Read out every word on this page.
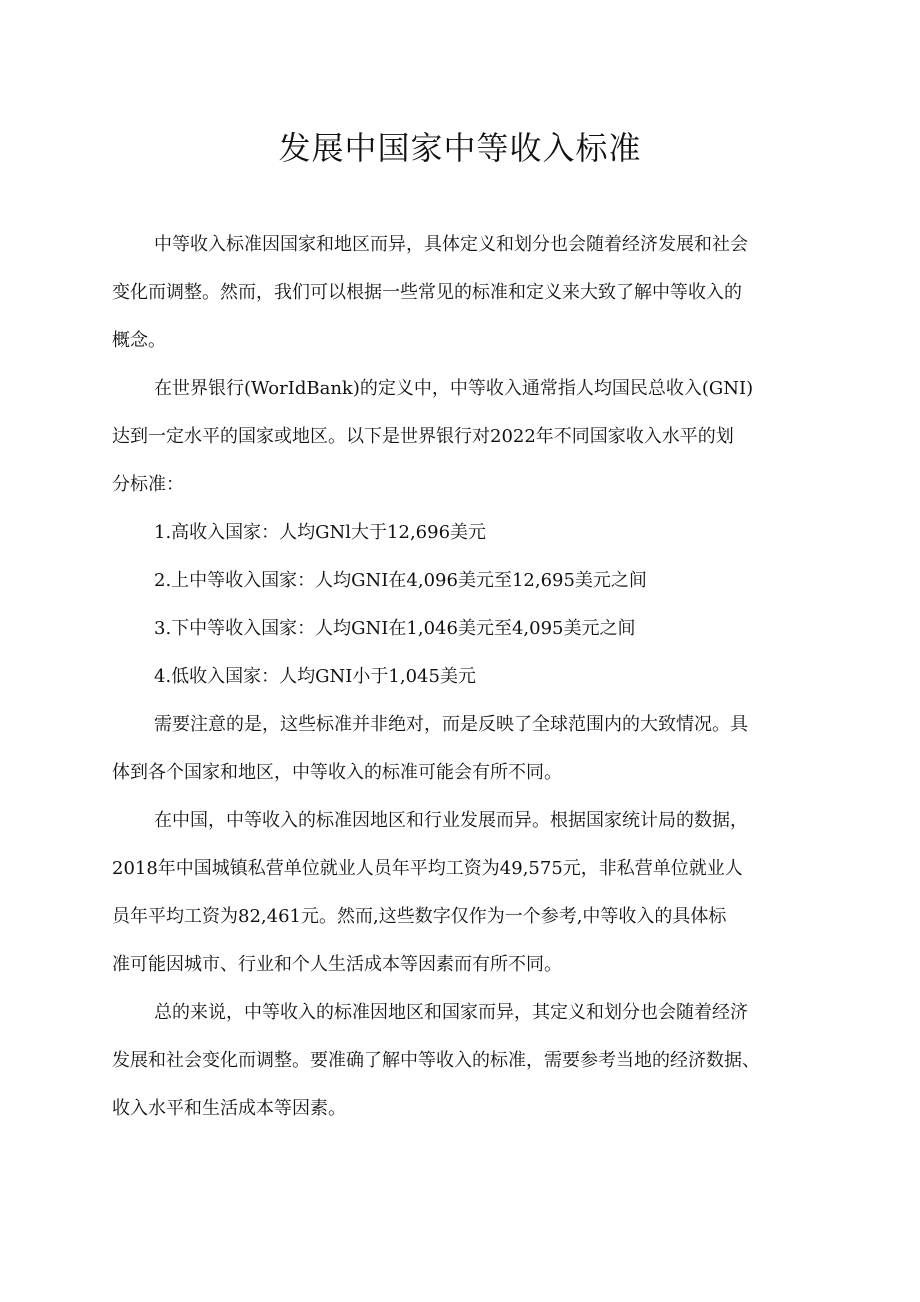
发展中国家中等收入标准

中等收入标准因国家和地区而异，具体定义和划分也会随着经济发展和社会
变化而调整。然而，我们可以根据一些常见的标准和定义来大致了解中等收入的
概念。

在世界银行(WorIdBank)的定义中，中等收入通常指人均国民总收入(GNI)
达到一定水平的国家或地区。以下是世界银行对2022年不同国家收入水平的划
分标准：

1.高收入国家：人均GNl大于12,696美元

2.上中等收入国家：人均GNI在4,096美元至12,695美元之间

3.下中等收入国家：人均GNI在1,046美元至4,095美元之间

4.低收入国家：人均GNI小于1,045美元

需要注意的是，这些标准并非绝对，而是反映了全球范围内的大致情况。具
体到各个国家和地区，中等收入的标准可能会有所不同。

在中国，中等收入的标准因地区和行业发展而异。根据国家统计局的数据，
2018年中国城镇私营单位就业人员年平均工资为49,575元，非私营单位就业人
员年平均工资为82,461元。然而,这些数字仅作为一个参考,中等收入的具体标
准可能因城市、行业和个人生活成本等因素而有所不同。

总的来说，中等收入的标准因地区和国家而异，其定义和划分也会随着经济
发展和社会变化而调整。要准确了解中等收入的标准，需要参考当地的经济数据、
收入水平和生活成本等因素。
